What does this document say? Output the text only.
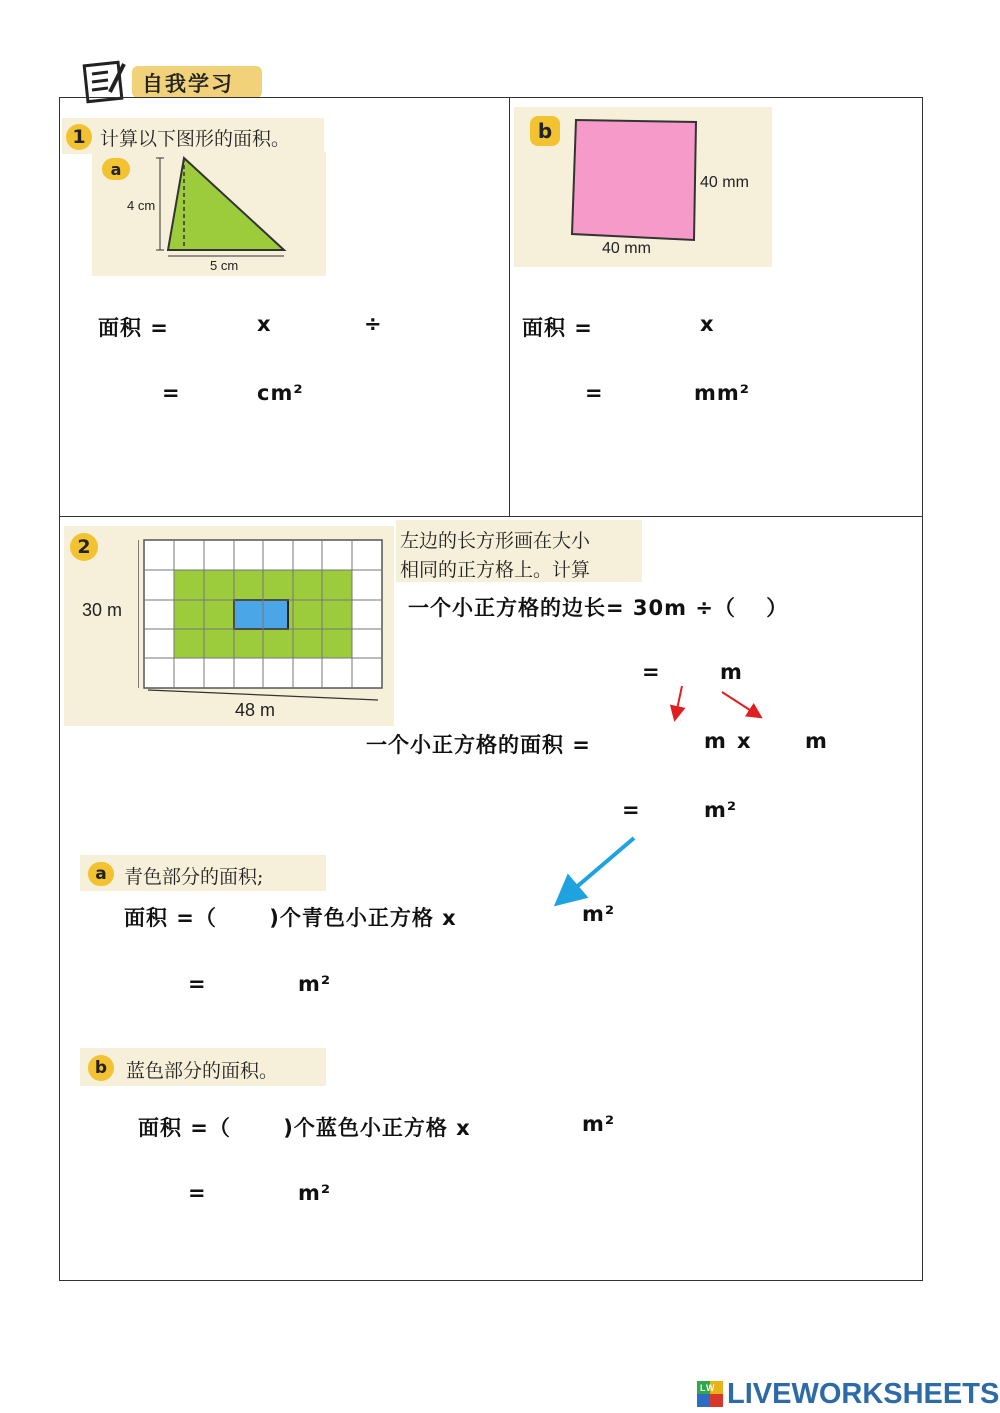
自我学习
1 计算以下图形的面积。
a
4 cm
5 cm
面积 =	x	÷
=	cm²
b
40 mm
40 mm
面积 =	x
=	mm²
2
30 m
48 m
左边的长方形画在大小
相同的正方格上。计算
一个小正方格的边长= 30m ÷（　 ）
=	m
一个小正方格的面积 =	m x	m
=	m²
a 青色部分的面积;
面积 =（　　 )个青色小正方格 x	m²
=	m²
b 蓝色部分的面积。
面积 =（　　 )个蓝色小正方格 x	m²
=	m²
LIVEWORKSHEETS
LW
